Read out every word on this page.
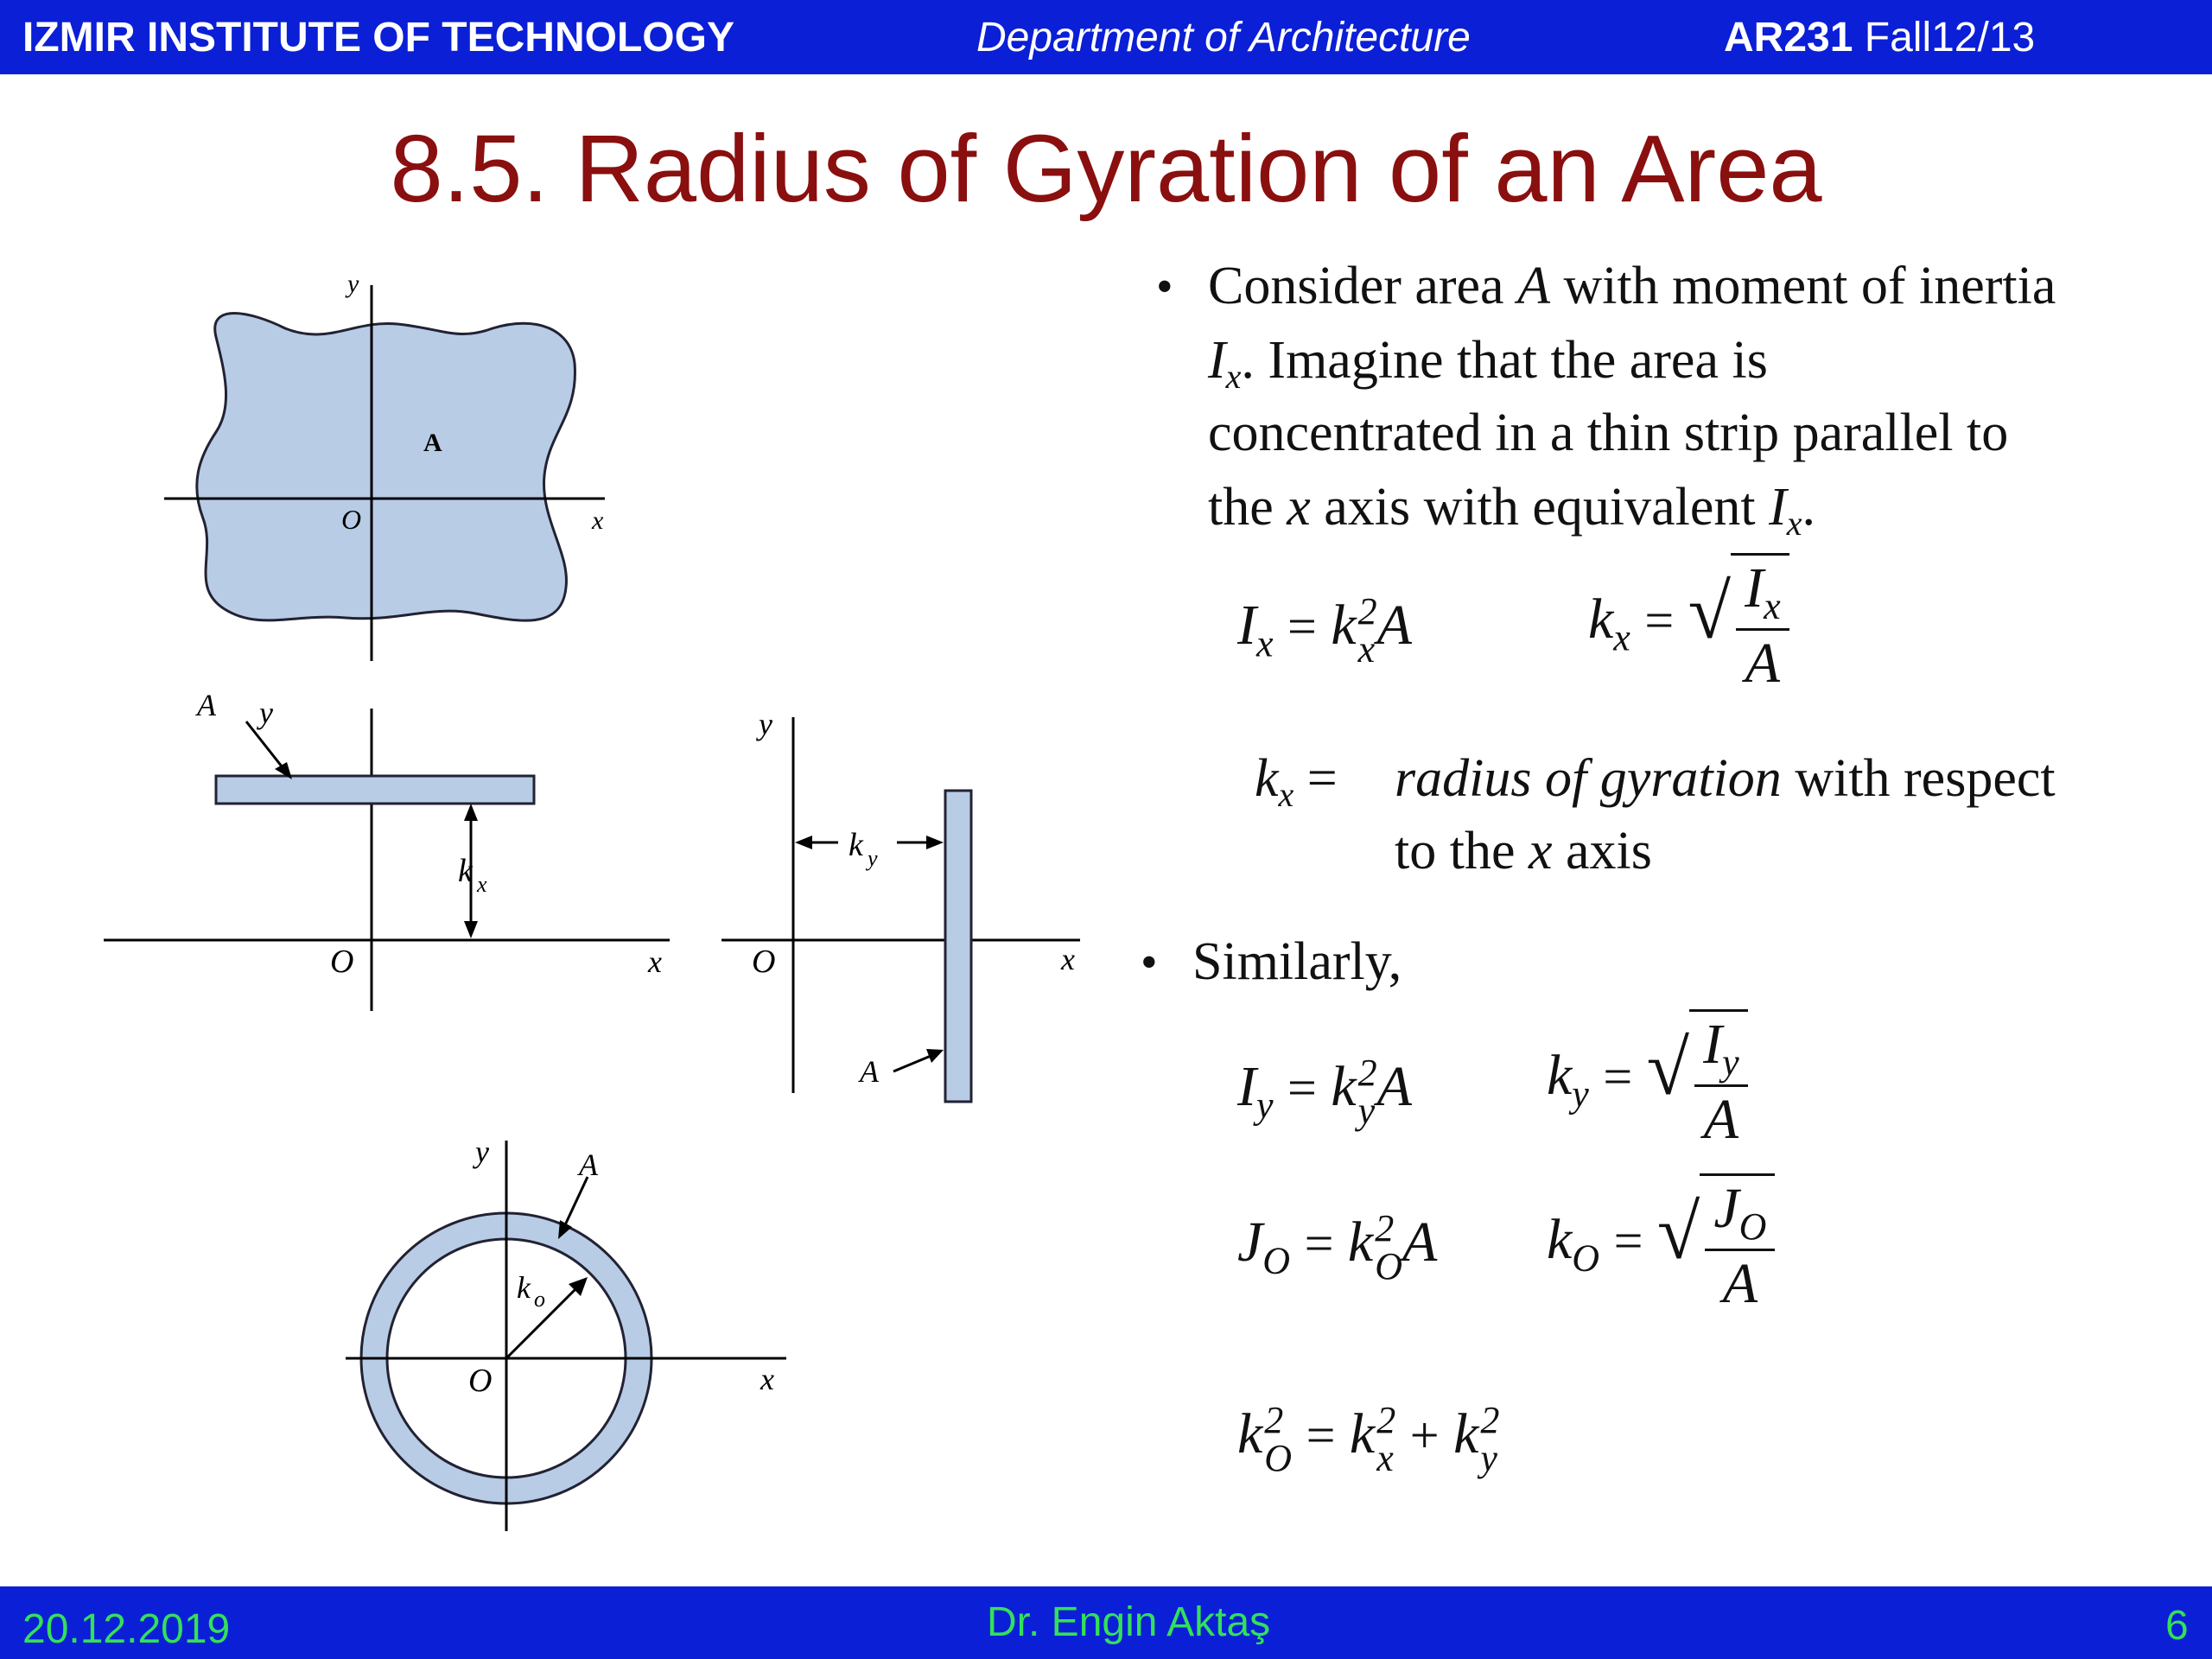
IZMIR INSTITUTE OF TECHNOLOGY	Department of Architecture	AR231 Fall12/13
8.5. Radius of Gyration of an Area
y
x
O
A
y
A
x
O
k x
y
x
O
A
k y
y	A
x
O
k o
• Consider area A with moment of inertia
Ix. Imagine that the area is
concentrated in a thin strip parallel to
the x axis with equivalent Ix.
$I_x = k$ 2
x A	$k_x$ = √ $\frac{I_x}{A}$
kx = radius of gyration with respect
to the x axis
• Similarly,
$I_y = k$ 2
y A $k_y$ = √ $\frac{I_y}{A}$
$J_O = k$ 2
O A $k_O$ = √ $\frac{J_O}{A}$
k 2
O = k 2
x + k 2
y
20.12.2019	Dr. Engin Aktaş	6
